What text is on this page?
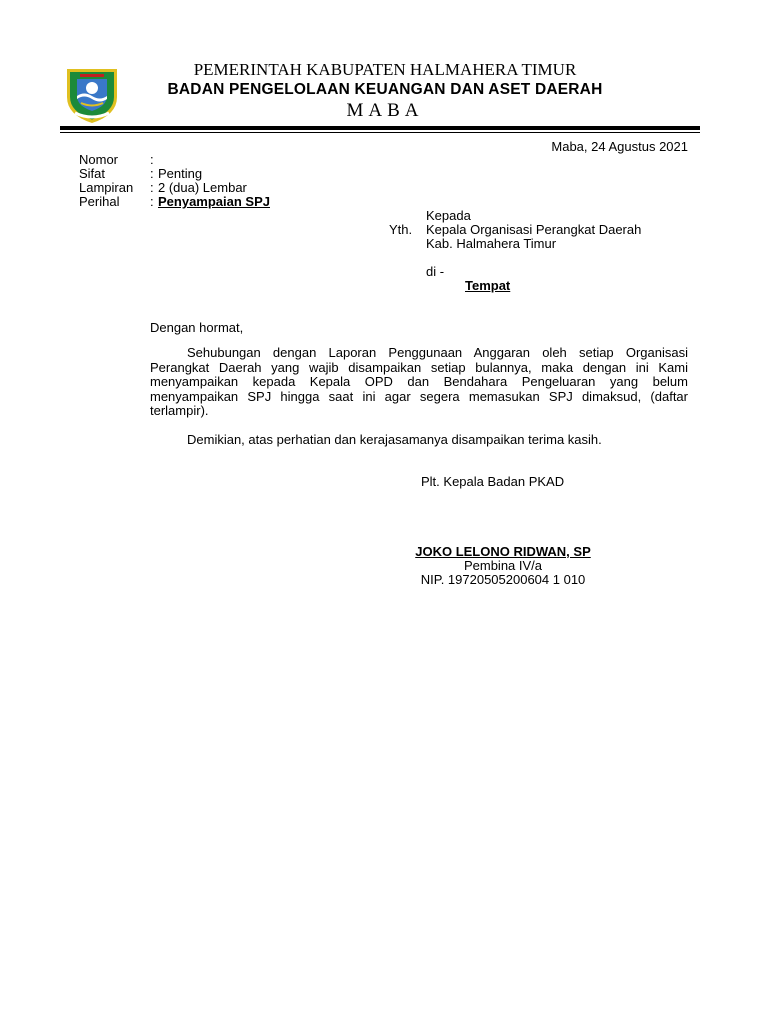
PEMERINTAH KABUPATEN HALMAHERA TIMUR
BADAN PENGELOLAAN KEUANGAN DAN ASET DAERAH
MABA

Maba, 24 Agustus 2021

Nomor :

Sifat	: Penting

Lampiran : 2 (dua) Lembar

Perihal : Penyampaian SPJ

Kepada

Yth. Kepala Organisasi Perangkat Daerah

Kab. Halmahera Timur

di -

Tempat

Dengan hormat,

Sehubungan dengan Laporan Penggunaan Anggaran oleh setiap Organisasi Perangkat Daerah yang wajib disampaikan setiap bulannya, maka dengan ini Kami menyampaikan kepada Kepala OPD dan Bendahara Pengeluaran yang belum menyampaikan SPJ hingga saat ini agar segera memasukan SPJ dimaksud, (daftar terlampir).

Demikian, atas perhatian dan kerajasamanya disampaikan terima kasih.

Plt. Kepala Badan PKAD

JOKO LELONO RIDWAN, SP

Pembina IV/a

NIP. 19720505200604 1 010
